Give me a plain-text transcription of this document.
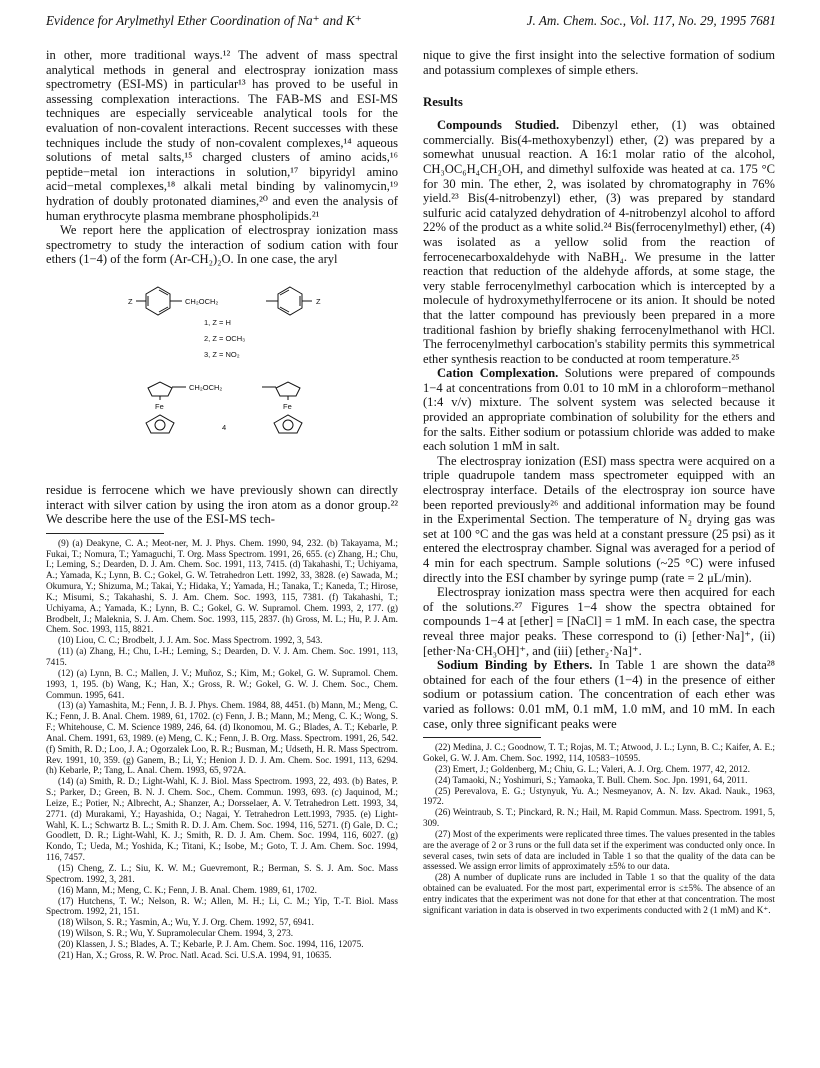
Evidence for Arylmethyl Ether Coordination of Na⁺ and K⁺	J. Am. Chem. Soc., Vol. 117, No. 29, 1995 7681

in other, more traditional ways.¹² The advent of mass spectral analytical methods in general and electrospray ionization mass spectrometry (ESI-MS) in particular¹³ has proved to be useful in assessing complexation interactions. The FAB-MS and ESI-MS techniques are especially serviceable analytical tools for the evaluation of non-covalent interactions. Recent successes with these techniques include the study of non-covalent complexes,¹⁴ aqueous solutions of metal salts,¹⁵ charged clusters of amino acids,¹⁶ peptide−metal ion interactions in solution,¹⁷ bipyridyl amino acid−metal complexes,¹⁸ alkali metal binding by valinomycin,¹⁹ hydration of doubly protonated diamines,²⁰ and even the analysis of human erythrocyte plasma membrane phospholipids.²¹

We report here the application of electrospray ionization mass spectrometry to study the interaction of sodium cation with four ethers (1−4) of the form (Ar-CH₂)₂O. In one case, the aryl

Z	Z
CH₂OCH₂
1, Z = H
2, Z = OCH₃
3, Z = NO₂
CH₂OCH₂
Fe	Fe
4

residue is ferrocene which we have previously shown can directly interact with silver cation by using the iron atom as a donor group.²² We describe here the use of the ESI-MS tech-

(9) (a) Deakyne, C. A.; Meot-ner, M. J. Phys. Chem. 1990, 94, 232. (b) Takayama, M.; Fukai, T.; Nomura, T.; Yamaguchi, T. Org. Mass Spectrom. 1991, 26, 655. (c) Zhang, H.; Chu, I.; Leming, S.; Dearden, D. J. Am. Chem. Soc. 1991, 113, 7415. (d) Takahashi, T.; Uchiyama, A.; Yamada, K.; Lynn, B. C.; Gokel, G. W. Tetrahedron Lett. 1992, 33, 3828. (e) Sawada, M.; Okumura, Y.; Shizuma, M.; Takai, Y.; Hidaka, Y.; Yamada, H.; Tanaka, T.; Kaneda, T.; Hirose, K.; Misumi, S.; Takahashi, S. J. Am. Chem. Soc. 1993, 115, 7381. (f) Takahashi, T.; Uchiyama, A.; Yamada, K.; Lynn, B. C.; Gokel, G. W. Supramol. Chem. 1993, 2, 177. (g) Brodbelt, J.; Maleknia, S. J. Am. Chem. Soc. 1993, 115, 2837. (h) Gross, M. L.; Hu, P. J. Am. Chem. Soc. 1993, 115, 8821.

(10) Liou, C. C.; Brodbelt, J. J. Am. Soc. Mass Spectrom. 1992, 3, 543.

(11) (a) Zhang, H.; Chu, I.-H.; Leming, S.; Dearden, D. V. J. Am. Chem. Soc. 1991, 113, 7415.

(12) (a) Lynn, B. C.; Mallen, J. V.; Muñoz, S.; Kim, M.; Gokel, G. W. Supramol. Chem. 1993, 1, 195. (b) Wang, K.; Han, X.; Gross, R. W.; Gokel, G. W. J. Chem. Soc., Chem. Commun. 1995, 641.

(13) (a) Yamashita, M.; Fenn, J. B. J. Phys. Chem. 1984, 88, 4451. (b) Mann, M.; Meng, C. K.; Fenn, J. B. Anal. Chem. 1989, 61, 1702. (c) Fenn, J. B.; Mann, M.; Meng, C. K.; Wong, S. F.; Whitehouse, C. M. Science 1989, 246, 64. (d) Ikonomou, M. G.; Blades, A. T.; Kebarle, P. Anal. Chem. 1991, 63, 1989. (e) Meng, C. K.; Fenn, J. B. Org. Mass. Spectrom. 1991, 26, 542. (f) Smith, R. D.; Loo, J. A.; Ogorzalek Loo, R. R.; Busman, M.; Udseth, H. R. Mass Spectrom. Rev. 1991, 10, 359. (g) Ganem, B.; Li, Y.; Henion J. D. J. Am. Chem. Soc. 1991, 113, 6294. (h) Kebarle, P.; Tang, L. Anal. Chem. 1993, 65, 972A.

(14) (a) Smith, R. D.; Light-Wahl, K. J. Biol. Mass Spectrom. 1993, 22, 493. (b) Bates, P. S.; Parker, D.; Green, B. N. J. Chem. Soc., Chem. Commun. 1993, 693. (c) Jaquinod, M.; Leize, E.; Potier, N.; Albrecht, A.; Shanzer, A.; Dorsselaer, A. V. Tetrahedron Lett. 1993, 34, 2771. (d) Murakami, Y.; Hayashida, O.; Nagai, Y. Tetrahedron Lett.1993, 7935. (e) Light-Wahl, K. L.; Schwartz B. L.; Smith R. D. J. Am. Chem. Soc. 1994, 116, 5271. (f) Gale, D. C.; Goodlett, D. R.; Light-Wahl, K. J.; Smith, R. D. J. Am. Chem. Soc. 1994, 116, 6027. (g) Kondo, T.; Ueda, M.; Yoshida, K.; Titani, K.; Isobe, M.; Goto, T. J. Am. Chem. Soc. 1994, 116, 7457.

(15) Cheng, Z. L.; Siu, K. W. M.; Guevremont, R.; Berman, S. S. J. Am. Soc. Mass Spectrom. 1992, 3, 281.

(16) Mann, M.; Meng, C. K.; Fenn, J. B. Anal. Chem. 1989, 61, 1702.

(17) Hutchens, T. W.; Nelson, R. W.; Allen, M. H.; Li, C. M.; Yip, T.-T. Biol. Mass Spectrom. 1992, 21, 151.

(18) Wilson, S. R.; Yasmin, A.; Wu, Y. J. Org. Chem. 1992, 57, 6941.

(19) Wilson, S. R.; Wu, Y. Supramolecular Chem. 1994, 3, 273.

(20) Klassen, J. S.; Blades, A. T.; Kebarle, P. J. Am. Chem. Soc. 1994, 116, 12075.

(21) Han, X.; Gross, R. W. Proc. Natl. Acad. Sci. U.S.A. 1994, 91, 10635.

nique to give the first insight into the selective formation of sodium and potassium complexes of simple ethers.

Results

Compounds Studied. Dibenzyl ether, (1) was obtained commercially. Bis(4-methoxybenzyl) ether, (2) was prepared by a somewhat unusual reaction. A 16:1 molar ratio of the alcohol, CH₃OC₆H₄CH₂OH, and dimethyl sulfoxide was heated at ca. 175 °C for 30 min. The ether, 2, was isolated by chromatography in 76% yield.²³ Bis(4-nitrobenzyl) ether, (3) was prepared by standard sulfuric acid catalyzed dehydration of 4-nitrobenzyl alcohol to afford 22% of the product as a white solid.²⁴ Bis(ferrocenylmethyl) ether, (4) was isolated as a yellow solid from the reaction of ferrocenecarboxaldehyde with NaBH₄. We presume in the latter reaction that reduction of the aldehyde affords, at some stage, the very stable ferrocenylmethyl carbocation which is intercepted by a molecule of hydroxymethylferrocene or its anion. It should be noted that the latter compound has previously been prepared in a more traditional fashion by briefly shaking ferrocenylmethanol with HCl. The ferrocenylmethyl carbocation's stability permits this symmetrical ether synthesis reaction to be conducted at room temperature.²⁵

Cation Complexation. Solutions were prepared of compounds 1−4 at concentrations from 0.01 to 10 mM in a chloroform−methanol (1:4 v/v) mixture. The solvent system was selected because it provided an appropriate combination of solubility for the ethers and for the salts. Either sodium or potassium chloride was added to make each solution 1 mM in salt.

The electrospray ionization (ESI) mass spectra were acquired on a triple quadrupole tandem mass spectrometer equipped with an electrospray interface. Details of the electrospray ion source have been reported previously²⁶ and additional information may be found in the Experimental Section. The temperature of N₂ drying gas was set at 100 °C and the gas was held at a constant pressure (25 psi) as it entered the electrospray chamber. Signal was averaged for a period of 4 min for each spectrum. Sample solutions (~25 °C) were infused directly into the ESI chamber by syringe pump (rate = 2 μL/min).

Electrospray ionization mass spectra were then acquired for each of the solutions.²⁷ Figures 1−4 show the spectra obtained for compounds 1−4 at [ether] = [NaCl] = 1 mM. In each case, the spectra reveal three major peaks. These correspond to (i) [ether·Na]⁺, (ii) [ether·Na·CH₃OH]⁺, and (iii) [ether₂·Na]⁺.

Sodium Binding by Ethers. In Table 1 are shown the data²⁸ obtained for each of the four ethers (1−4) in the presence of either sodium or potassium cation. The concentration of each ether was varied as follows: 0.01 mM, 0.1 mM, 1.0 mM, and 10 mM. In each case, only three significant peaks were

(22) Medina, J. C.; Goodnow, T. T.; Rojas, M. T.; Atwood, J. L.; Lynn, B. C.; Kaifer, A. E.; Gokel, G. W. J. Am. Chem. Soc. 1992, 114, 10583−10595.

(23) Emert, J.; Goldenberg, M.; Chiu, G. L.; Valeri, A. J. Org. Chem. 1977, 42, 2012.

(24) Tamaoki, N.; Yoshimuri, S.; Yamaoka, T. Bull. Chem. Soc. Jpn. 1991, 64, 2011.

(25) Perevalova, E. G.; Ustynyuk, Yu. A.; Nesmeyanov, A. N. Izv. Akad. Nauk., 1963, 1972.

(26) Weintraub, S. T.; Pinckard, R. N.; Hail, M. Rapid Commun. Mass. Spectrom. 1991, 5, 309.

(27) Most of the experiments were replicated three times. The values presented in the tables are the average of 2 or 3 runs or the full data set if the experiment was conducted only once. In several cases, twin sets of data are included in Table 1 so that the quality of the data can be assessed. We assign error limits of approximately ±5% to our data.

(28) A number of duplicate runs are included in Table 1 so that the quality of the data obtained can be evaluated. For the most part, experimental error is ≤±5%. The absence of an entry indicates that the experiment was not done for that ether at that concentration. The most significant variation in data is observed in two experiments conducted with 2 (1 mM) and K⁺.
